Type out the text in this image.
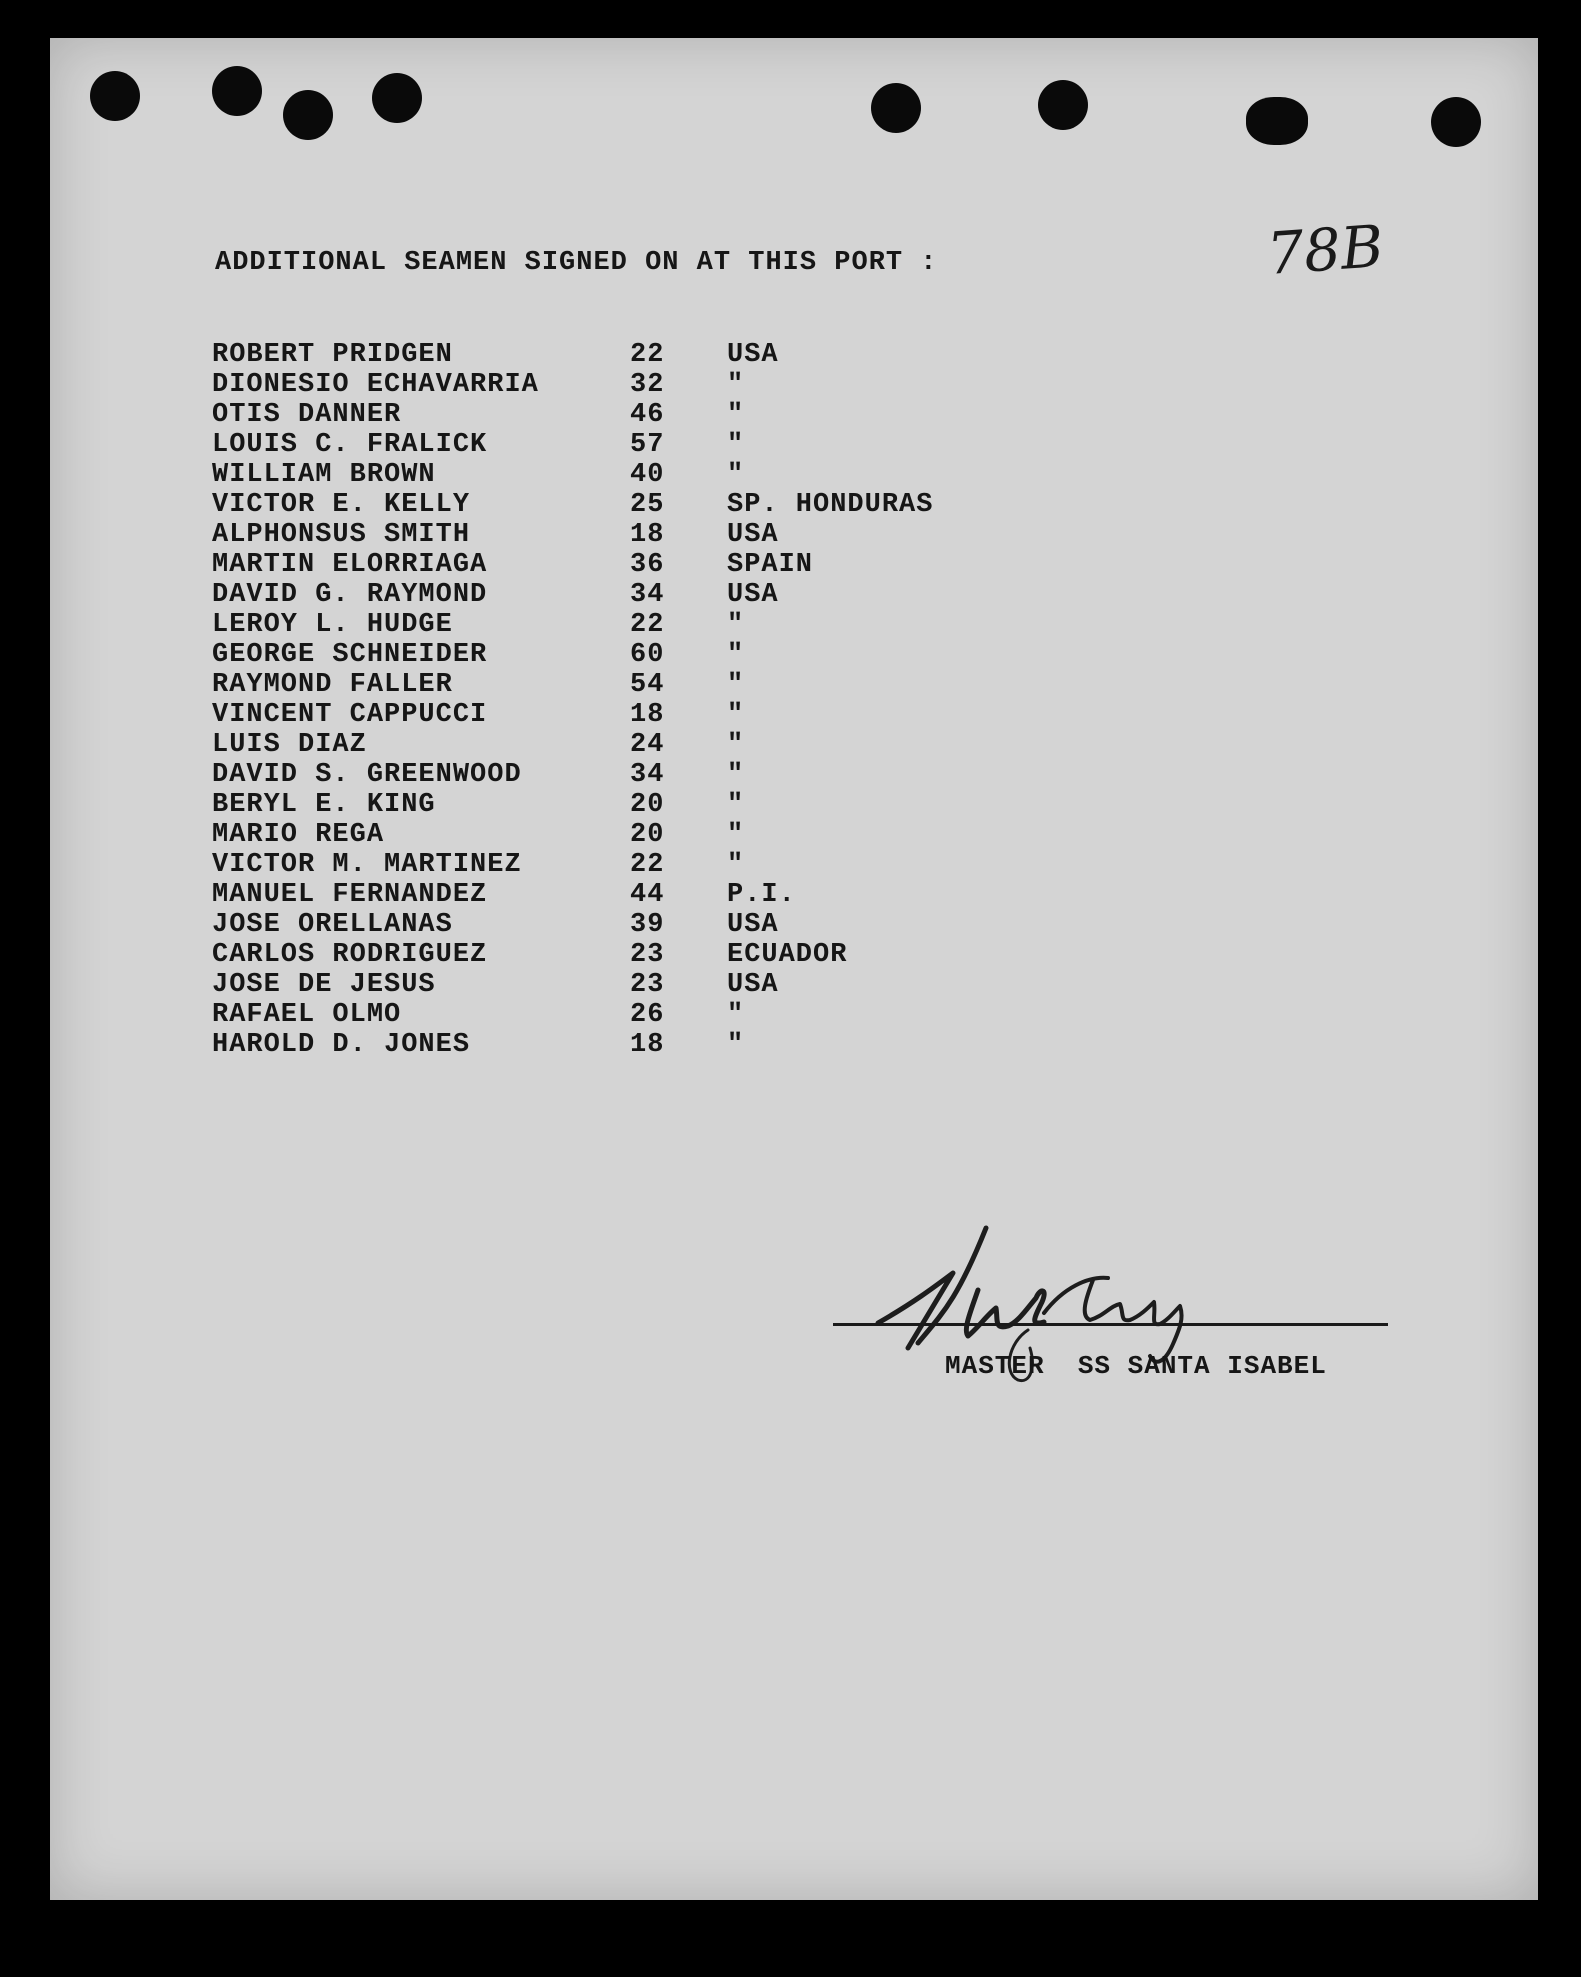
ADDITIONAL SEAMEN SIGNED ON AT THIS PORT :	78B
ROBERT PRIDGEN	22 USA
DIONESIO ECHAVARRIA	32 "
OTIS DANNER	46 "
LOUIS C. FRALICK	57 "
WILLIAM BROWN	40 "
VICTOR E. KELLY	25 SP. HONDURAS
ALPHONSUS SMITH	18 USA
MARTIN ELORRIAGA	36 SPAIN
DAVID G. RAYMOND	34 USA
LEROY L. HUDGE	22 "
GEORGE SCHNEIDER	60 "
RAYMOND FALLER	54 "
VINCENT CAPPUCCI	18 "
LUIS DIAZ	24 "
DAVID S. GREENWOOD	34 "
BERYL E. KING	20 "
MARIO REGA	20 "
VICTOR M. MARTINEZ	22 "
MANUEL FERNANDEZ	44 P.I.
JOSE ORELLANAS	39 USA
CARLOS RODRIGUEZ	23 ECUADOR
JOSE DE JESUS	23 USA
RAFAEL OLMO	26 "
HAROLD D. JONES	18 "
MASTER  SS SANTA ISABEL
